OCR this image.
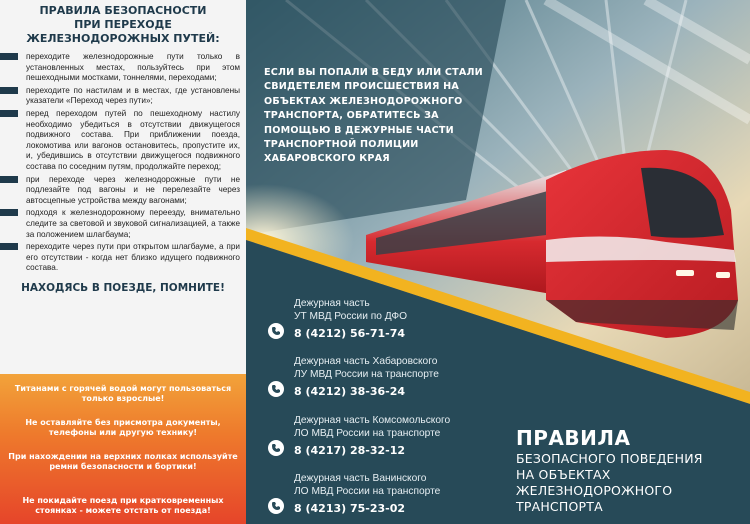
ПРАВИЛА БЕЗОПАСНОСТИ
ПРИ ПЕРЕХОДЕ
ЖЕЛЕЗНОДОРОЖНЫХ ПУТЕЙ:
переходите железнодорожные пути только в установленных местах, пользуйтесь при этом пешеходными мостками, тоннелями, переходами;
переходите по настилам и в местах, где установлены указатели «Переход через пути»;
перед переходом путей по пешеходному настилу необходимо убедиться в отсутствии движущегося подвижного состава. При приближении поезда, локомотива или вагонов остановитесь, пропустите их, и, убедившись в отсутствии движущегося подвижного состава по соседним путям, продолжайте переход;
при переходе через железнодорожные пути не подлезайте под вагоны и не перелезайте через автосцепные устройства между вагонами;
подходя к железнодорожному переезду, внимательно следите за световой и звуковой сигнализацией, а также за положением шлагбаума;
переходите через пути при открытом шлагбауме, а при его отсутствии - когда нет близко идущего подвижного состава.
НАХОДЯСЬ В ПОЕЗДЕ, ПОМНИТЕ!
Титанами с горячей водой могут пользоваться только взрослые!
Не оставляйте без присмотра документы, телефоны или другую технику!
При нахождении на верхних полках используйте ремни безопасности и бортики!
Не покидайте поезд при кратковременных стоянках - можете отстать от поезда!
ЕСЛИ ВЫ ПОПАЛИ В БЕДУ ИЛИ СТАЛИ СВИДЕТЕЛЕМ ПРОИСШЕСТВИЯ НА ОБЪЕКТАХ ЖЕЛЕЗНОДОРОЖНОГО ТРАНСПОРТА, ОБРАТИТЕСЬ ЗА ПОМОЩЬЮ В ДЕЖУРНЫЕ ЧАСТИ ТРАНСПОРТНОЙ ПОЛИЦИИ ХАБАРОВСКОГО КРАЯ
Дежурная часть
УТ МВД России по ДФО
8 (4212) 56-71-74
Дежурная часть Хабаровского
ЛУ МВД России на транспорте
8 (4212) 38-36-24
Дежурная часть Комсомольского
ЛО МВД России на транспорте
8 (4217) 28-32-12
Дежурная часть Ванинского
ЛО МВД России на транспорте
8 (4213) 75-23-02
ПРАВИЛА
БЕЗОПАСНОГО ПОВЕДЕНИЯ
НА ОБЪЕКТАХ
ЖЕЛЕЗНОДОРОЖНОГО ТРАНСПОРТА
